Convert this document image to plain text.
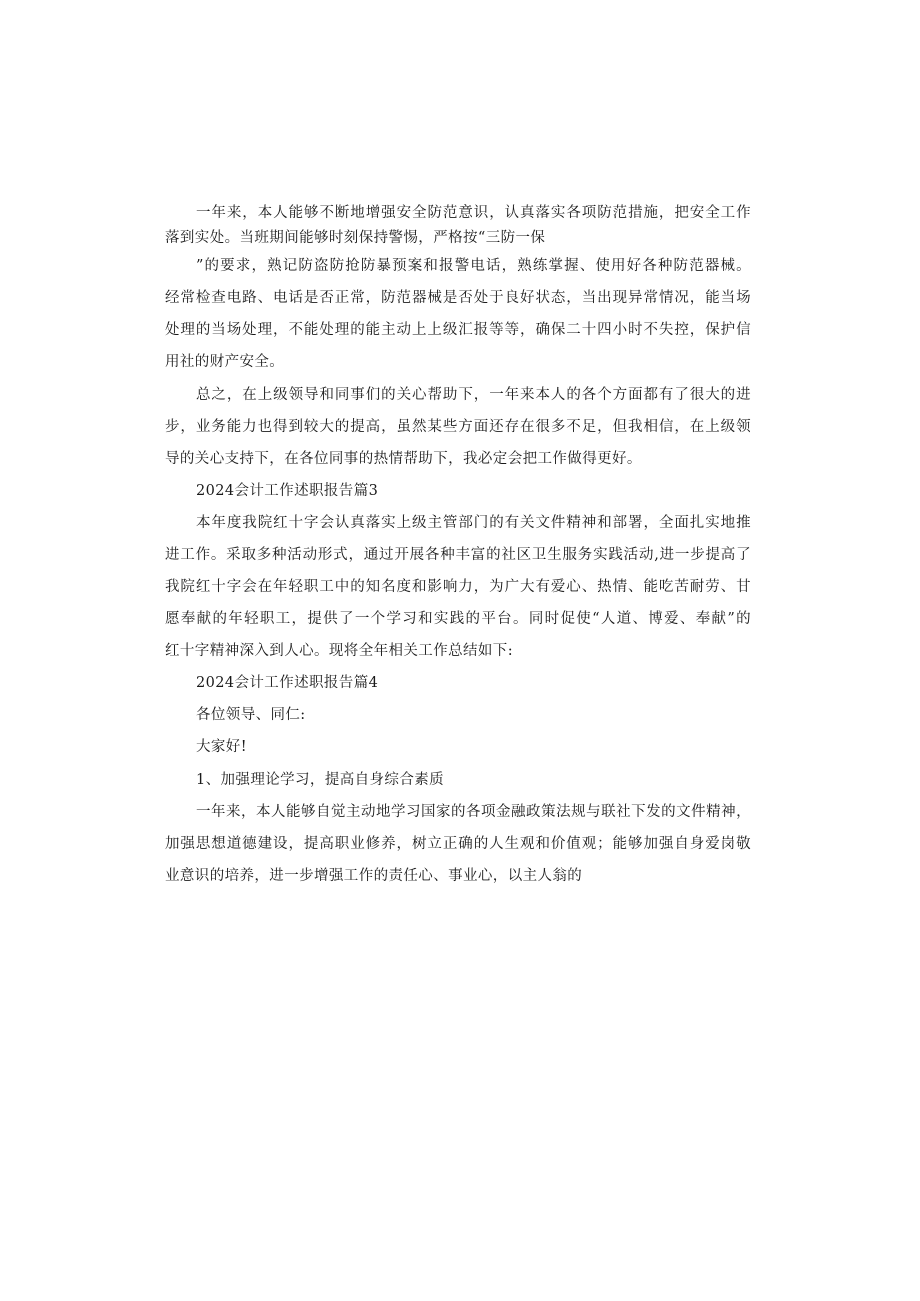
一年来，本人能够不断地增强安全防范意识，认真落实各项防范措施，把安全工作
落到实处。当班期间能够时刻保持警惕，严格按“三防一保
”的要求，熟记防盗防抢防暴预案和报警电话，熟练掌握、使用好各种防范器械。
经常检查电路、电话是否正常，防范器械是否处于良好状态，当出现异常情况，能当场
处理的当场处理，不能处理的能主动上上级汇报等等，确保二十四小时不失控，保护信
用社的财产安全。
总之，在上级领导和同事们的关心帮助下，一年来本人的各个方面都有了很大的进
步，业务能力也得到较大的提高，虽然某些方面还存在很多不足，但我相信，在上级领
导的关心支持下，在各位同事的热情帮助下，我必定会把工作做得更好。
2024会计工作述职报告篇3
本年度我院红十字会认真落实上级主管部门的有关文件精神和部署，全面扎实地推
进工作。采取多种活动形式，通过开展各种丰富的社区卫生服务实践活动,进一步提高了
我院红十字会在年轻职工中的知名度和影响力，为广大有爱心、热情、能吃苦耐劳、甘
愿奉献的年轻职工，提供了一个学习和实践的平台。同时促使“人道、博爱、奉献”的
红十字精神深入到人心。现将全年相关工作总结如下:
2024会计工作述职报告篇4
各位领导、同仁:
大家好!
1、加强理论学习，提高自身综合素质
一年来，本人能够自觉主动地学习国家的各项金融政策法规与联社下发的文件精神，
加强思想道德建设，提高职业修养，树立正确的人生观和价值观；能够加强自身爱岗敬
业意识的培养，进一步增强工作的责任心、事业心，以主人翁的
